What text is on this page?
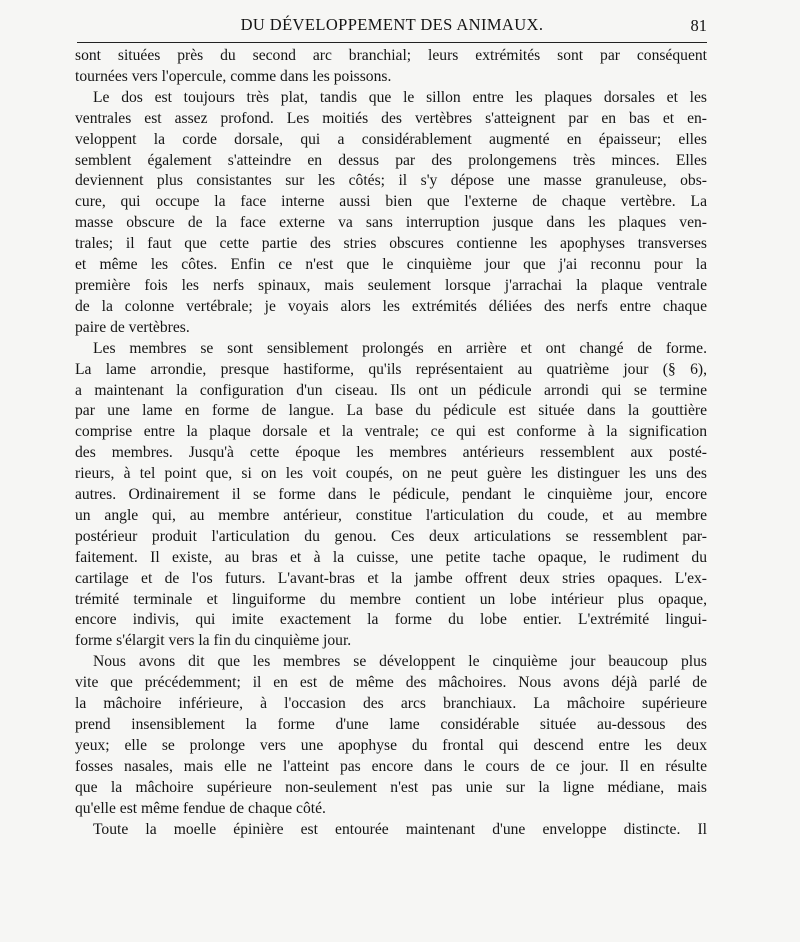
DU DÉVELOPPEMENT DES ANIMAUX.	81

sont situées près du second arc branchial; leurs extrémités sont par conséquent
tournées vers l'opercule, comme dans les poissons.

Le dos est toujours très plat, tandis que le sillon entre les plaques dorsales et les
ventrales est assez profond. Les moitiés des vertèbres s'atteignent par en bas et en-
veloppent la corde dorsale, qui a considérablement augmenté en épaisseur; elles
semblent également s'atteindre en dessus par des prolongemens très minces. Elles
deviennent plus consistantes sur les côtés; il s'y dépose une masse granuleuse, obs-
cure, qui occupe la face interne aussi bien que l'externe de chaque vertèbre. La
masse obscure de la face externe va sans interruption jusque dans les plaques ven-
trales; il faut que cette partie des stries obscures contienne les apophyses transverses
et même les côtes. Enfin ce n'est que le cinquième jour que j'ai reconnu pour la
première fois les nerfs spinaux, mais seulement lorsque j'arrachai la plaque ventrale
de la colonne vertébrale; je voyais alors les extrémités déliées des nerfs entre chaque
paire de vertèbres.

Les membres se sont sensiblement prolongés en arrière et ont changé de forme.
La lame arrondie, presque hastiforme, qu'ils représentaient au quatrième jour (§ 6),
a maintenant la configuration d'un ciseau. Ils ont un pédicule arrondi qui se termine
par une lame en forme de langue. La base du pédicule est située dans la gouttière
comprise entre la plaque dorsale et la ventrale; ce qui est conforme à la signification
des membres. Jusqu'à cette époque les membres antérieurs ressemblent aux posté-
rieurs, à tel point que, si on les voit coupés, on ne peut guère les distinguer les uns des
autres. Ordinairement il se forme dans le pédicule, pendant le cinquième jour, encore
un angle qui, au membre antérieur, constitue l'articulation du coude, et au membre
postérieur produit l'articulation du genou. Ces deux articulations se ressemblent par-
faitement. Il existe, au bras et à la cuisse, une petite tache opaque, le rudiment du
cartilage et de l'os futurs. L'avant-bras et la jambe offrent deux stries opaques. L'ex-
trémité terminale et linguiforme du membre contient un lobe intérieur plus opaque,
encore indivis, qui imite exactement la forme du lobe entier. L'extrémité lingui-
forme s'élargit vers la fin du cinquième jour.

Nous avons dit que les membres se développent le cinquième jour beaucoup plus
vite que précédemment; il en est de même des mâchoires. Nous avons déjà parlé de
la mâchoire inférieure, à l'occasion des arcs branchiaux. La mâchoire supérieure
prend insensiblement la forme d'une lame considérable située au-dessous des
yeux; elle se prolonge vers une apophyse du frontal qui descend entre les deux
fosses nasales, mais elle ne l'atteint pas encore dans le cours de ce jour. Il en résulte
que la mâchoire supérieure non-seulement n'est pas unie sur la ligne médiane, mais
qu'elle est même fendue de chaque côté.

Toute la moelle épinière est entourée maintenant d'une enveloppe distincte. Il
